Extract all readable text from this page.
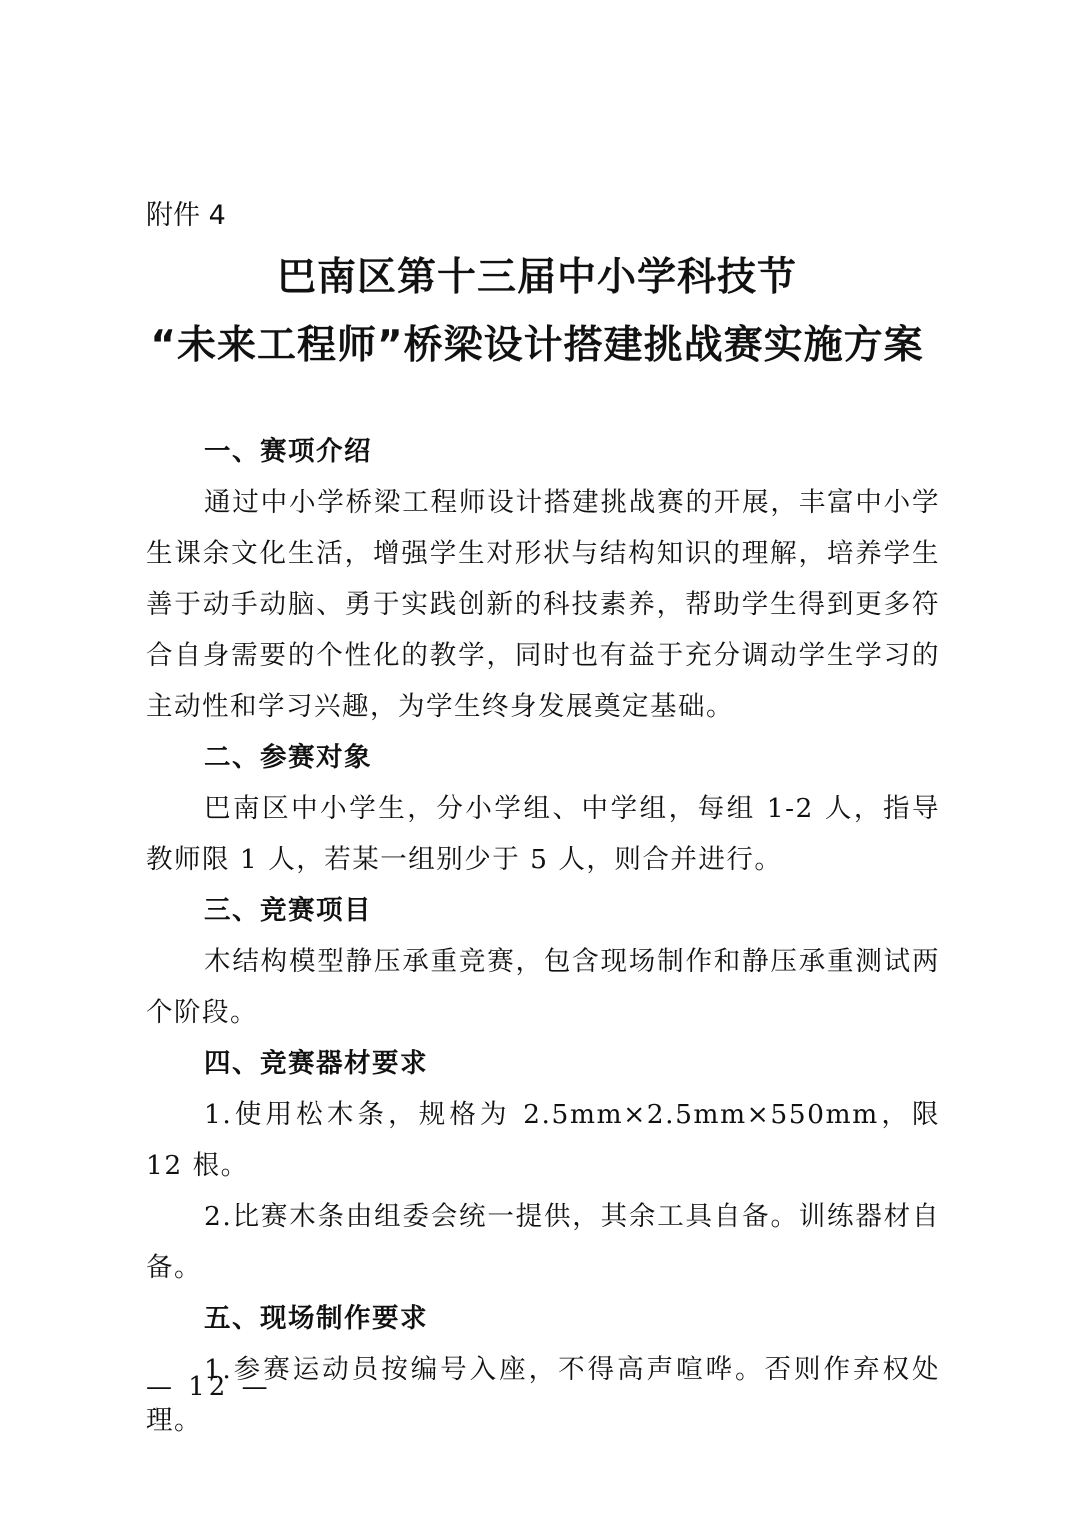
附件 4
巴南区第十三届中小学科技节
“未来工程师”桥梁设计搭建挑战赛实施方案

一、赛项介绍

通过中小学桥梁工程师设计搭建挑战赛的开展，丰富中小学生课余文化生活，增强学生对形状与结构知识的理解，培养学生善于动手动脑、勇于实践创新的科技素养，帮助学生得到更多符合自身需要的个性化的教学，同时也有益于充分调动学生学习的主动性和学习兴趣，为学生终身发展奠定基础。

二、参赛对象

巴南区中小学生，分小学组、中学组，每组 1-2 人，指导教师限 1 人，若某一组别少于 5 人，则合并进行。

三、竞赛项目

木结构模型静压承重竞赛，包含现场制作和静压承重测试两个阶段。

四、竞赛器材要求

1.使用松木条，规格为 2.5mm×2.5mm×550mm，限 12 根。

2.比赛木条由组委会统一提供，其余工具自备。训练器材自备。

五、现场制作要求

1.参赛运动员按编号入座，不得高声喧哗。否则作弃权处理。

— 12 —
